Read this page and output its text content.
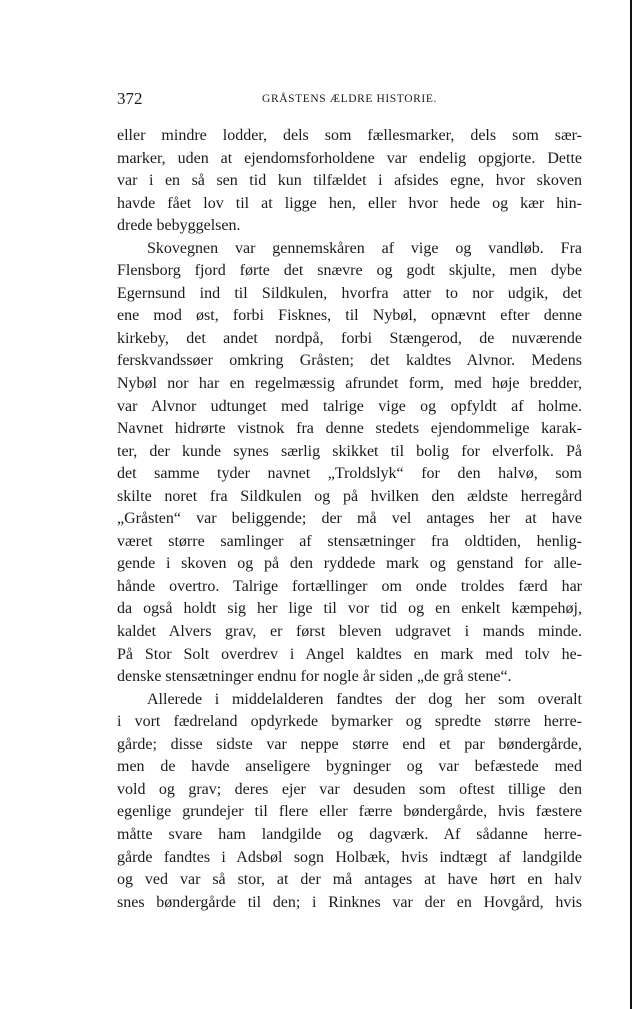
372	GRÅSTENS ÆLDRE HISTORIE.
eller mindre lodder, dels som fællesmarker, dels som sær-
marker, uden at ejendomsforholdene var endelig opgjorte. Dette
var i en så sen tid kun tilfældet i afsides egne, hvor skoven
havde fået lov til at ligge hen, eller hvor hede og kær hin-
drede bebyggelsen.
Skovegnen var gennemskåren af vige og vandløb. Fra
Flensborg fjord førte det snævre og godt skjulte, men dybe
Egernsund ind til Sildkulen, hvorfra atter to nor udgik, det
ene mod øst, forbi Fisknes, til Nybøl, opnævnt efter denne
kirkeby, det andet nordpå, forbi Stængerod, de nuværende
ferskvandssøer omkring Gråsten; det kaldtes Alvnor. Medens
Nybøl nor har en regelmæssig afrundet form, med høje bredder,
var Alvnor udtunget med talrige vige og opfyldt af holme.
Navnet hidrørte vistnok fra denne stedets ejendommelige karak-
ter, der kunde synes særlig skikket til bolig for elverfolk. På
det samme tyder navnet „Troldslyk“ for den halvø, som
skilte noret fra Sildkulen og på hvilken den ældste herregård
„Gråsten“ var beliggende; der må vel antages her at have
været større samlinger af stensætninger fra oldtiden, henlig-
gende i skoven og på den ryddede mark og genstand for alle-
hånde overtro. Talrige fortællinger om onde troldes færd har
da også holdt sig her lige til vor tid og en enkelt kæmpehøj,
kaldet Alvers grav, er først bleven udgravet i mands minde.
På Stor Solt overdrev i Angel kaldtes en mark med tolv he-
denske stensætninger endnu for nogle år siden „de grå stene“.
Allerede i middelalderen fandtes der dog her som overalt
i vort fædreland opdyrkede bymarker og spredte større herre-
gårde; disse sidste var neppe større end et par bøndergårde,
men de havde anseligere bygninger og var befæstede med
vold og grav; deres ejer var desuden som oftest tillige den
egenlige grundejer til flere eller færre bøndergårde, hvis fæstere
måtte svare ham landgilde og dagværk. Af sådanne herre-
gårde fandtes i Adsbøl sogn Holbæk, hvis indtægt af landgilde
og ved var så stor, at der må antages at have hørt en halv
snes bøndergårde til den; i Rinknes var der en Hovgård, hvis
